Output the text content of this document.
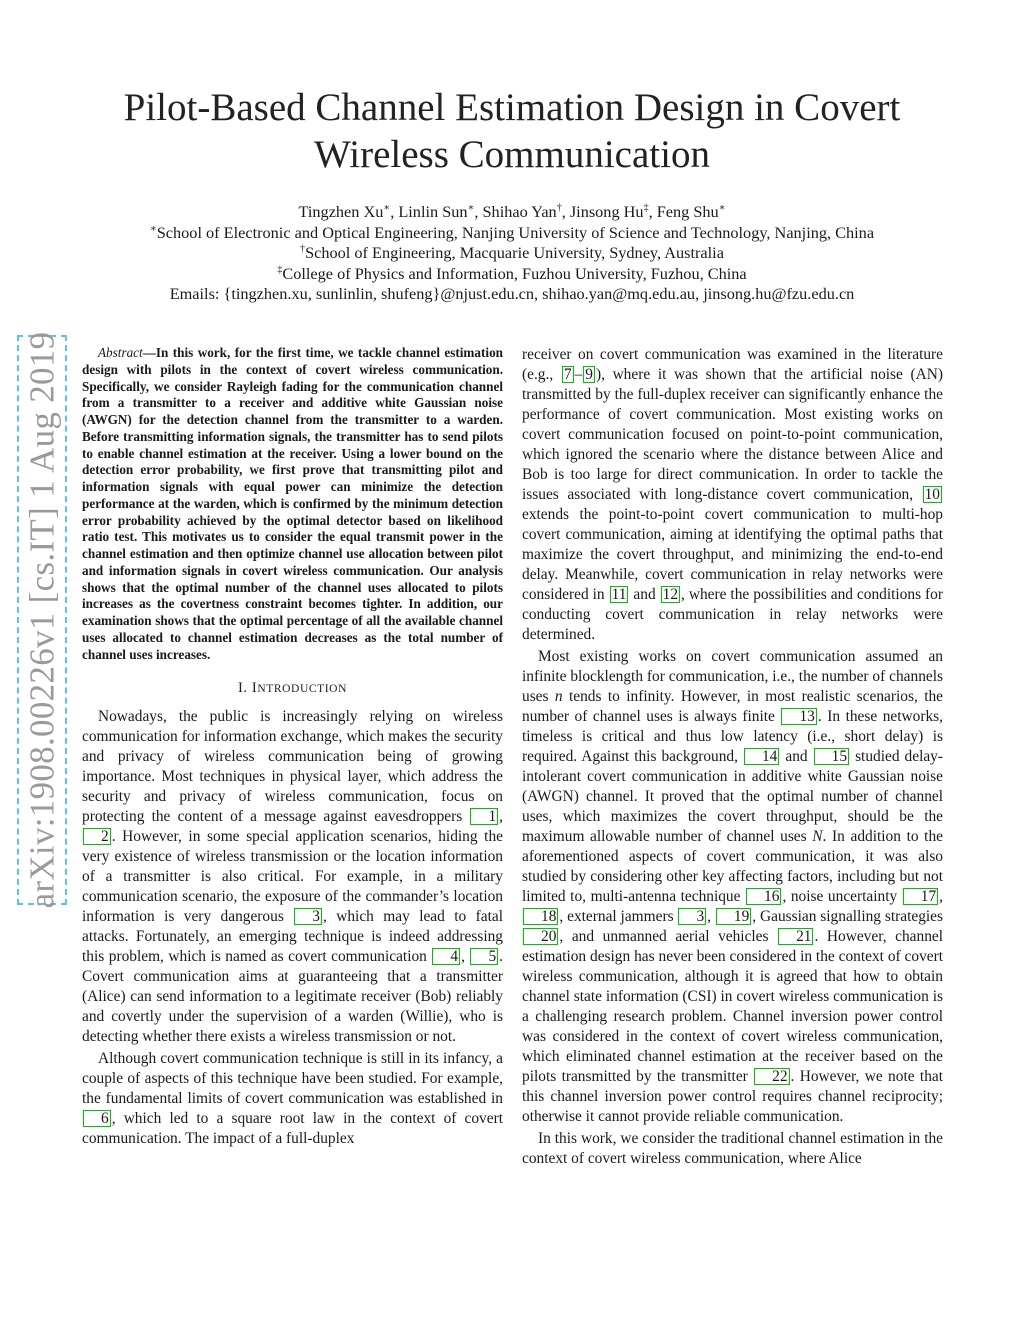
Pilot-Based Channel Estimation Design in Covert
Wireless Communication
Tingzhen Xu∗, Linlin Sun∗, Shihao Yan†, Jinsong Hu‡, Feng Shu∗
∗School of Electronic and Optical Engineering, Nanjing University of Science and Technology, Nanjing, China
†School of Engineering, Macquarie University, Sydney, Australia
‡College of Physics and Information, Fuzhou University, Fuzhou, China
Emails: {tingzhen.xu, sunlinlin, shufeng}@njust.edu.cn, shihao.yan@mq.edu.au, jinsong.hu@fzu.edu.cn
arXiv:1908.00226v1 [cs.IT] 1 Aug 2019	Abstract—In this work, for the first time, we tackle channel estimation design with pilots in the context of covert wireless communication. Specifically, we consider Rayleigh fading for the communication channel from a transmitter to a receiver and additive white Gaussian noise (AWGN) for the detection channel from the transmitter to a warden. Before transmitting information signals, the transmitter has to send pilots to enable channel estimation at the receiver. Using a lower bound on the detection error probability, we first prove that transmitting pilot and information signals with equal power can minimize the detection performance at the warden, which is confirmed by the minimum detection error probability achieved by the optimal detector based on likelihood ratio test. This motivates us to consider the equal transmit power in the channel estimation and then optimize channel use allocation between pilot and information signals in covert wireless communication. Our analysis shows that the optimal number of the channel uses allocated to pilots increases as the covertness constraint becomes tighter. In addition, our examination shows that the optimal percentage of all the available channel uses allocated to channel estimation decreases as the total number of channel uses increases.
I. INTRODUCTION

Nowadays, the public is increasingly relying on wireless communication for information exchange, which makes the security and privacy of wireless communication being of growing importance. Most techniques in physical layer, which address the security and privacy of wireless communication, focus on protecting the content of a message against eavesdroppers 1 , 2 . However, in some special application scenarios, hiding the very existence of wireless transmission or the location information of a transmitter is also critical. For example, in a military communication scenario, the exposure of the commander’s location information is very dangerous 3 , which may lead to fatal attacks. Fortunately, an emerging technique is indeed addressing this problem, which is named as covert communication 4 , 5 . Covert communication aims at guaranteeing that a transmitter (Alice) can send information to a legitimate receiver (Bob) reliably and covertly under the supervision of a warden (Willie), who is detecting whether there exists a wireless transmission or not.

Although covert communication technique is still in its infancy, a couple of aspects of this technique have been studied. For example, the fundamental limits of covert communication was established in 6 , which led to a square root law in the context of covert communication. The impact of a full-duplex

receiver on covert communication was examined in the literature (e.g., 7 – 9 ), where it was shown that the artificial noise (AN) transmitted by the full-duplex receiver can significantly enhance the performance of covert communication. Most existing works on covert communication focused on point-to-point communication, which ignored the scenario where the distance between Alice and Bob is too large for direct communication. In order to tackle the issues associated with long-distance covert communication, 10 extends the point-to-point covert communication to multi-hop covert communication, aiming at identifying the optimal paths that maximize the covert throughput, and minimizing the end-to-end delay. Meanwhile, covert communication in relay networks were considered in 11 and 12 , where the possibilities and conditions for conducting covert communication in relay networks were determined.

Most existing works on covert communication assumed an infinite blocklength for communication, i.e., the number of channels uses n tends to infinity. However, in most realistic scenarios, the number of channel uses is always finite 13 . In these networks, timeless is critical and thus low latency (i.e., short delay) is required. Against this background, 14 and 15 studied delay-intolerant covert communication in additive white Gaussian noise (AWGN) channel. It proved that the optimal number of channel uses, which maximizes the covert throughput, should be the maximum allowable number of channel uses N. In addition to the aforementioned aspects of covert communication, it was also studied by considering other key affecting factors, including but not limited to, multi-antenna technique 16 , noise uncertainty 17 , 18 , external jammers 3 , 19 , Gaussian signalling strategies 20 , and unmanned aerial vehicles 21 . However, channel estimation design has never been considered in the context of covert wireless communication, although it is agreed that how to obtain channel state information (CSI) in covert wireless communication is a challenging research problem. Channel inversion power control was considered in the context of covert wireless communication, which eliminated channel estimation at the receiver based on the pilots transmitted by the transmitter 22 . However, we note that this channel inversion power control requires channel reciprocity; otherwise it cannot provide reliable communication.

In this work, we consider the traditional channel estimation in the context of covert wireless communication, where Alice
